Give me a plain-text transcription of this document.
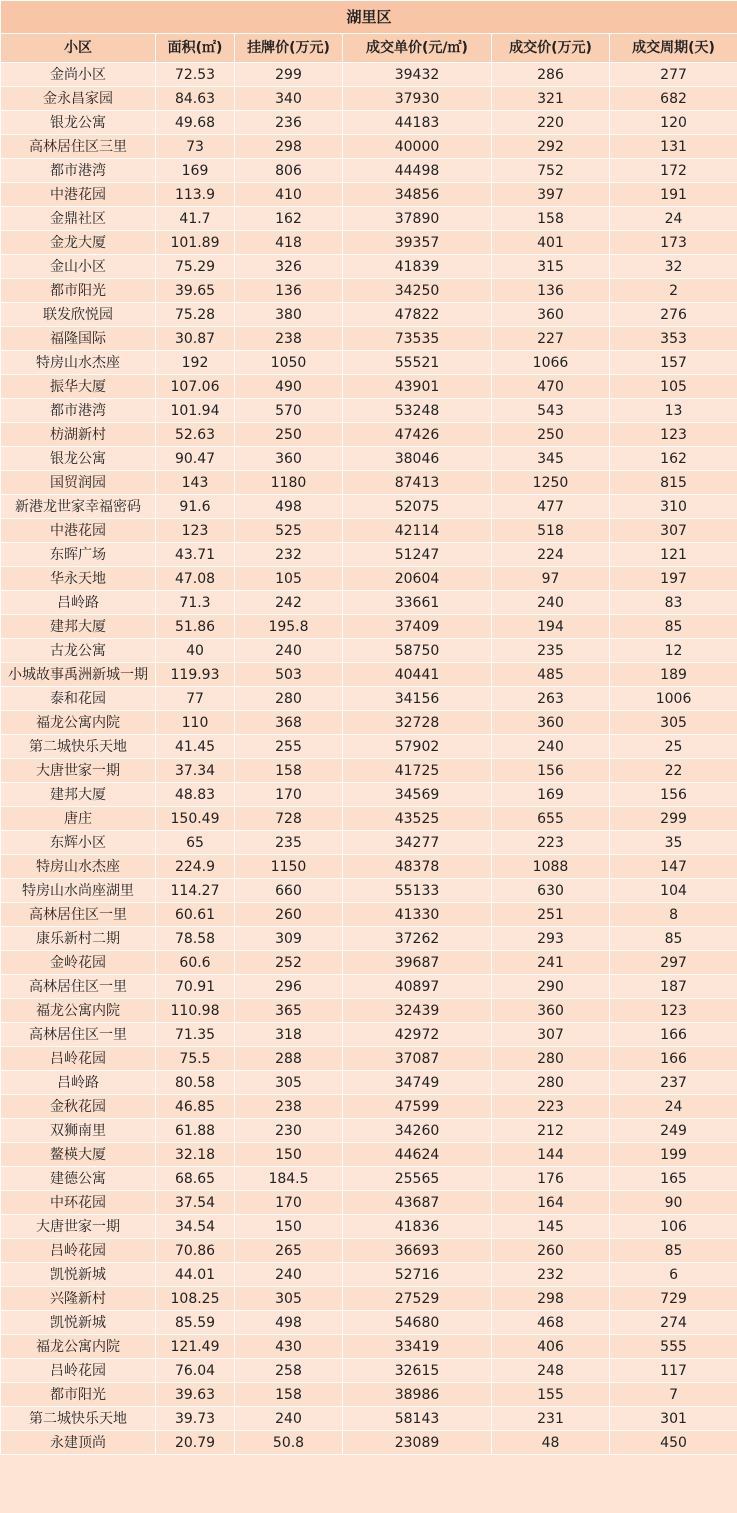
湖里区					
小区	面积(㎡)	挂牌价(万元)	成交单价(元/㎡)	成交价(万元)	成交周期(天)
金尚小区	72.53	299	39432	286	277
金永昌家园	84.63	340	37930	321	682
银龙公寓	49.68	236	44183	220	120
高林居住区三里	73	298	40000	292	131
都市港湾	169	806	44498	752	172
中港花园	113.9	410	34856	397	191
金鼎社区	41.7	162	37890	158	24
金龙大厦	101.89	418	39357	401	173
金山小区	75.29	326	41839	315	32
都市阳光	39.65	136	34250	136	2
联发欣悦园	75.28	380	47822	360	276
福隆国际	30.87	238	73535	227	353
特房山水杰座	192	1050	55521	1066	157
振华大厦	107.06	490	43901	470	105
都市港湾	101.94	570	53248	543	13
枋湖新村	52.63	250	47426	250	123
银龙公寓	90.47	360	38046	345	162
国贸润园	143	1180	87413	1250	815
新港龙世家幸福密码	91.6	498	52075	477	310
中港花园	123	525	42114	518	307
东晖广场	43.71	232	51247	224	121
华永天地	47.08	105	20604	97	197
吕岭路	71.3	242	33661	240	83
建邦大厦	51.86	195.8	37409	194	85
古龙公寓	40	240	58750	235	12
小城故事禹洲新城一期	119.93	503	40441	485	189
泰和花园	77	280	34156	263	1006
福龙公寓内院	110	368	32728	360	305
第二城快乐天地	41.45	255	57902	240	25
大唐世家一期	37.34	158	41725	156	22
建邦大厦	48.83	170	34569	169	156
唐庄	150.49	728	43525	655	299
东辉小区	65	235	34277	223	35
特房山水杰座	224.9	1150	48378	1088	147
特房山水尚座湖里	114.27	660	55133	630	104
高林居住区一里	60.61	260	41330	251	8
康乐新村二期	78.58	309	37262	293	85
金岭花园	60.6	252	39687	241	297
高林居住区一里	70.91	296	40897	290	187
福龙公寓内院	110.98	365	32439	360	123
高林居住区一里	71.35	318	42972	307	166
吕岭花园	75.5	288	37087	280	166
吕岭路	80.58	305	34749	280	237
金秋花园	46.85	238	47599	223	24
双狮南里	61.88	230	34260	212	249
鳌楧大厦	32.18	150	44624	144	199
建德公寓	68.65	184.5	25565	176	165
中环花园	37.54	170	43687	164	90
大唐世家一期	34.54	150	41836	145	106
吕岭花园	70.86	265	36693	260	85
凯悦新城	44.01	240	52716	232	6
兴隆新村	108.25	305	27529	298	729
凯悦新城	85.59	498	54680	468	274
福龙公寓内院	121.49	430	33419	406	555
吕岭花园	76.04	258	32615	248	117
都市阳光	39.63	158	38986	155	7
第二城快乐天地	39.73	240	58143	231	301
永建顶尚	20.79	50.8	23089	48	450
